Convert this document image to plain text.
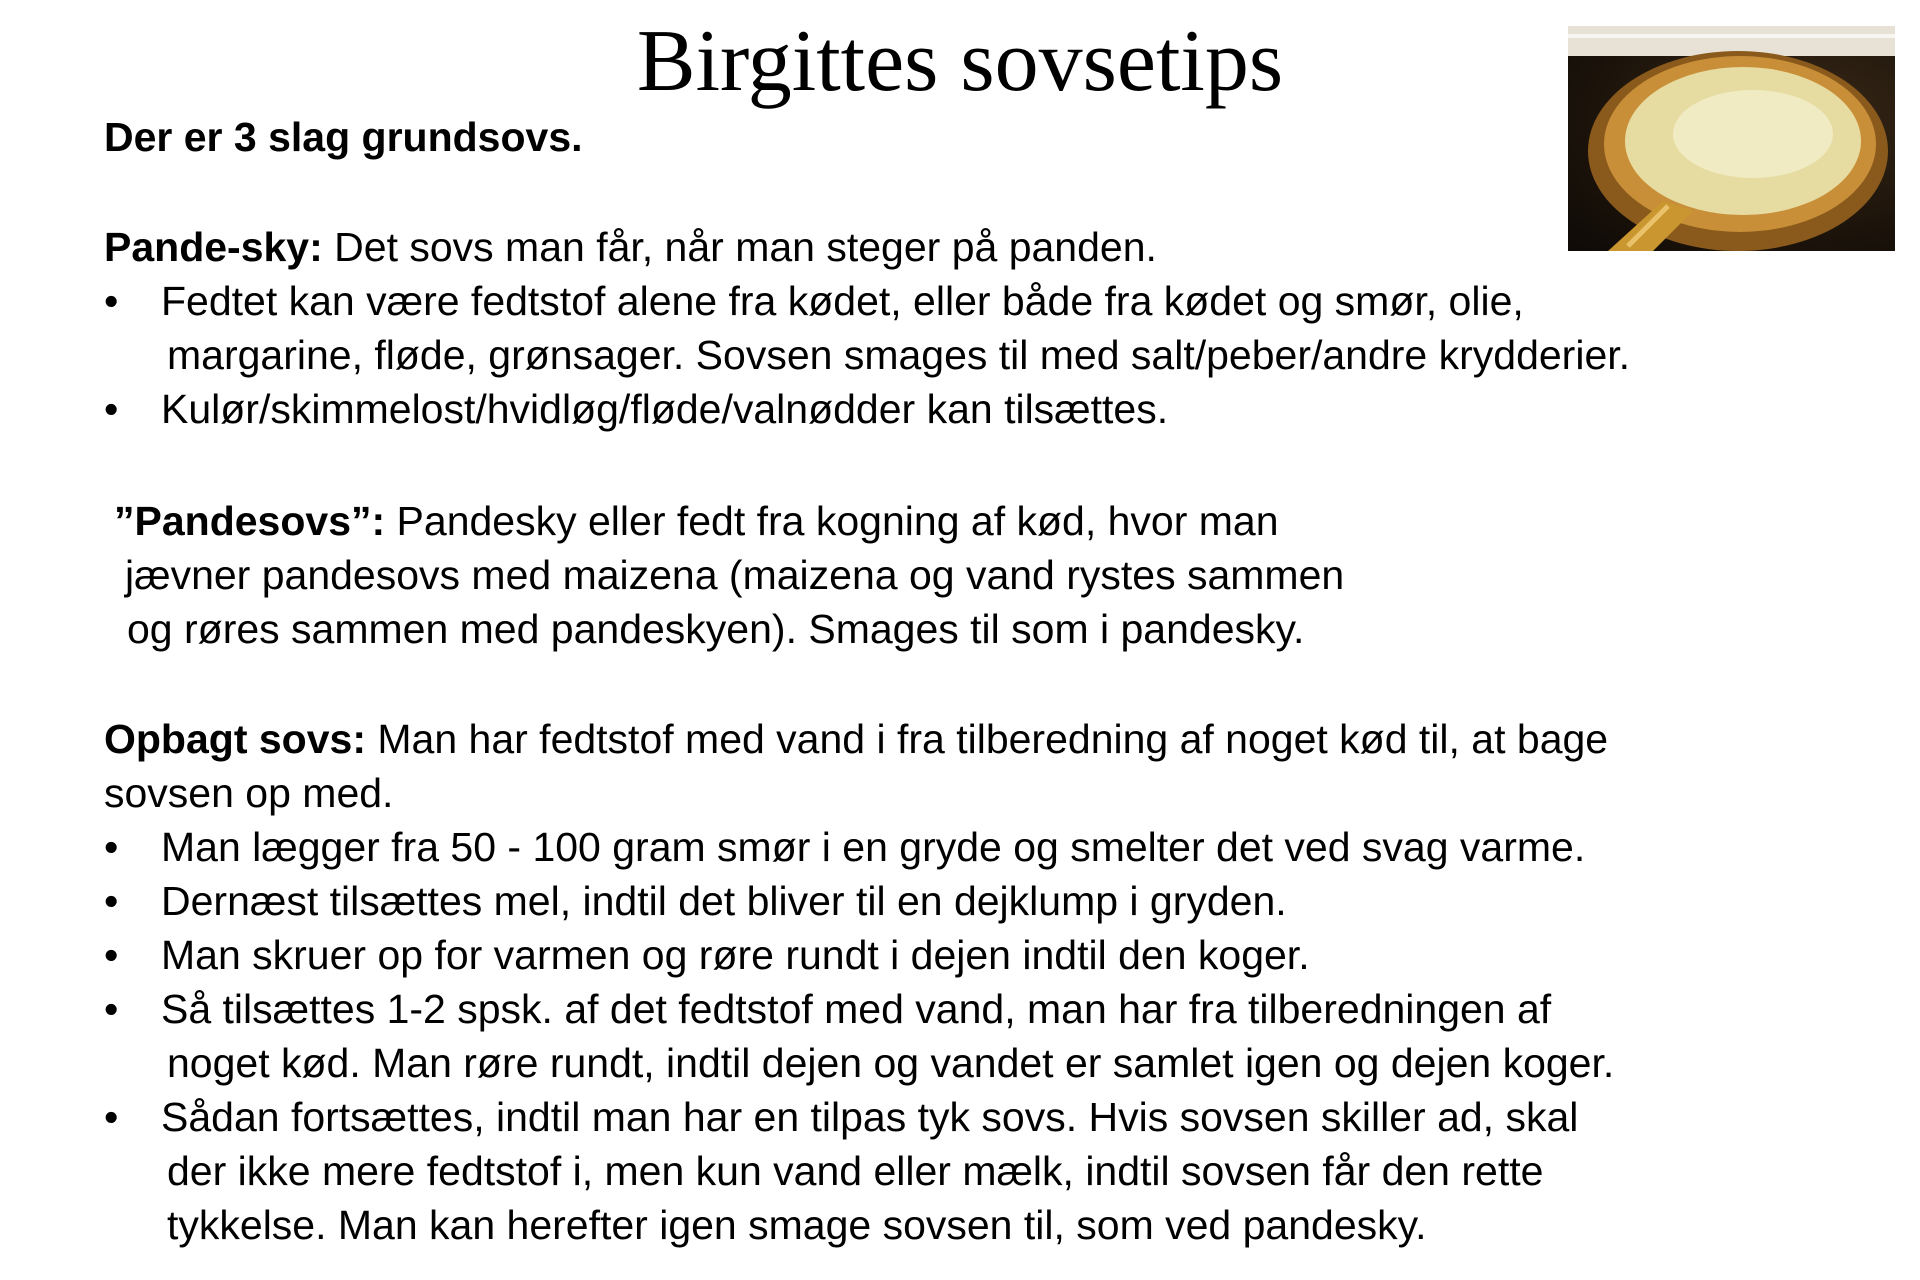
Birgittes sovsetips
Der er 3 slag grundsovs.
Pande-sky: Det sovs man får, når man steger på panden.
• Fedtet kan være fedtstof alene fra kødet, eller både fra kødet og smør, olie,
margarine, fløde, grønsager. Sovsen smages til med salt/peber/andre krydderier.
• Kulør/skimmelost/hvidløg/fløde/valnødder kan tilsættes.
”Pandesovs”: Pandesky eller fedt fra kogning af kød, hvor man
jævner pandesovs med maizena (maizena og vand rystes sammen
og røres sammen med pandeskyen). Smages til som i pandesky.
Opbagt sovs: Man har fedtstof med vand i fra tilberedning af noget kød til, at bage
sovsen op med.
• Man lægger fra 50 - 100 gram smør i en gryde og smelter det ved svag varme.
• Dernæst tilsættes mel, indtil det bliver til en dejklump i gryden.
• Man skruer op for varmen og røre rundt i dejen indtil den koger.
• Så tilsættes 1-2 spsk. af det fedtstof med vand, man har fra tilberedningen af
noget kød. Man røre rundt, indtil dejen og vandet er samlet igen og dejen koger.
• Sådan fortsættes, indtil man har en tilpas tyk sovs. Hvis sovsen skiller ad, skal
der ikke mere fedtstof i, men kun vand eller mælk, indtil sovsen får den rette
tykkelse. Man kan herefter igen smage sovsen til, som ved pandesky.
